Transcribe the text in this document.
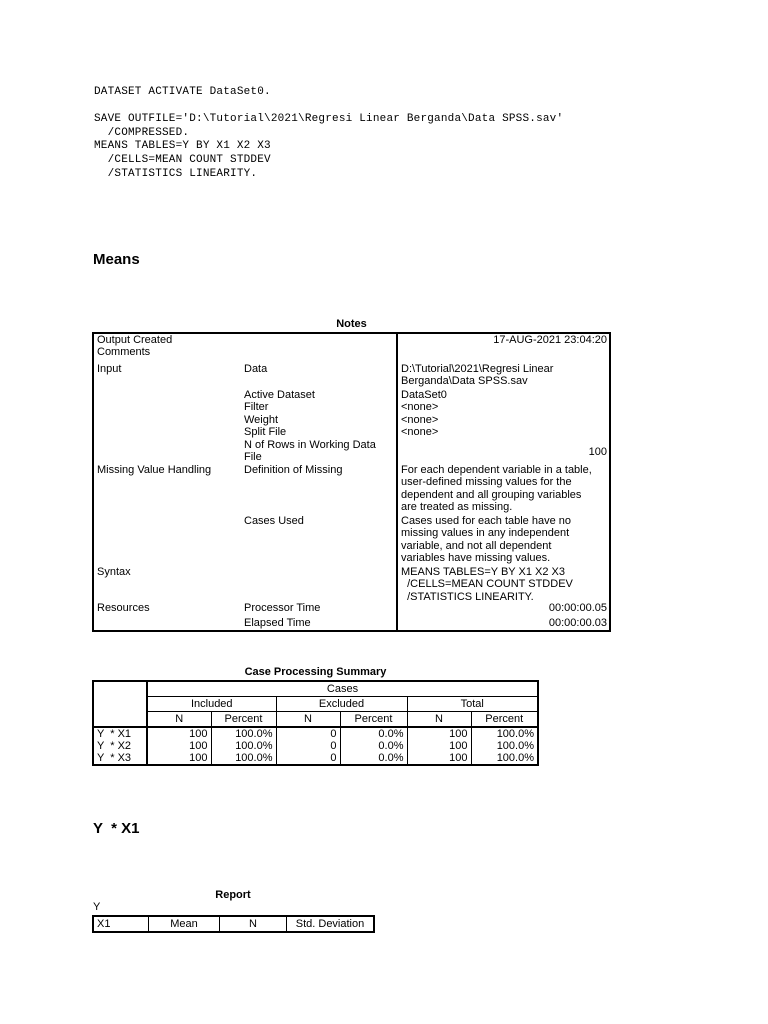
DATASET ACTIVATE DataSet0.

SAVE OUTFILE='D:\Tutorial\2021\Regresi Linear Berganda\Data SPSS.sav'
/COMPRESSED.
MEANS TABLES=Y BY X1 X2 X3
/CELLS=MEAN COUNT STDDEV
/STATISTICS LINEARITY.
Means
Notes
Output Created	17-AUG-2021 23:04:20
Comments
Input	Data	D:\Tutorial\2021\Regresi Linear
Berganda\Data SPSS.sav
Active Dataset	DataSet0
Filter	<none>
Weight	<none>
Split File	<none>
N of Rows in Working Data
File	100
Missing Value Handling	Definition of Missing	For each dependent variable in a table,
user-defined missing values for the
dependent and all grouping variables
are treated as missing.
Cases Used	Cases used for each table have no
missing values in any independent
variable, and not all dependent
variables have missing values.
Syntax	MEANS TABLES=Y BY X1 X2 X3
/CELLS=MEAN COUNT STDDEV
/STATISTICS LINEARITY.
Resources	Processor Time	00:00:00.05
Elapsed Time	00:00:00.03
Case Processing Summary
	Cases					
	Included		Excluded		Total	
	N	Percent	N	Percent	N	Percent
Y  * X1	100	100.0%	0	0.0%	100	100.0%
Y  * X2	100	100.0%	0	0.0%	100	100.0%
Y  * X3	100	100.0%	0	0.0%	100	100.0%
Y  * X1
Report
Y
X1	Mean	N	Std. Deviation
